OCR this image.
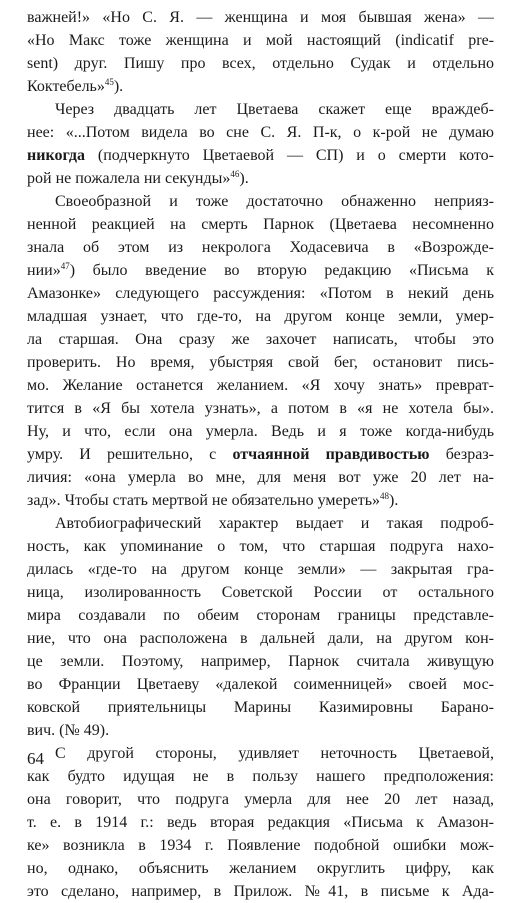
важней!» «Но С. Я. — женщина и моя бывшая жена» —
«Но Макс тоже женщина и мой настоящий (indicatif pre-
sent) друг. Пишу про всех, отдельно Судак и отдельно
Коктебель»$^{45}$).
Через двадцать лет Цветаева скажет еще враждеб-
нее: «...Потом видела во сне С. Я. П-к, о к-рой не думаю
никогда (подчеркнуто Цветаевой — СП) и о смерти кото-
рой не пожалела ни секунды»$^{46}$).
Своеобразной и тоже достаточно обнаженно неприяз-
ненной реакцией на смерть Парнок (Цветаева несомненно
знала об этом из некролога Ходасевича в «Возрожде-
нии»$^{47}$) было введение во вторую редакцию «Письма к
Амазонке» следующего рассуждения: «Потом в некий день
младшая узнает, что где-то, на другом конце земли, умер-
ла старшая. Она сразу же захочет написать, чтобы это
проверить. Но время, убыстряя свой бег, остановит пись-
мо. Желание останется желанием. «Я хочу знать» преврат-
тится в «Я бы хотела узнать», а потом в «я не хотела бы».
Ну, и что, если она умерла. Ведь и я тоже когда-нибудь
умру. И решительно, с отчаянной правдивостью безраз-
личия: «она умерла во мне, для меня вот уже 20 лет на-
зад». Чтобы стать мертвой не обязательно умереть»$^{48}$).
Автобиографический характер выдает и такая подроб-
ность, как упоминание о том, что старшая подруга нахо-
дилась «где-то на другом конце земли» — закрытая гра-
ница, изолированность Советской России от остального
мира создавали по обеим сторонам границы представле-
ние, что она расположена в дальней дали, на другом кон-
це земли. Поэтому, например, Парнок считала живущую
во Франции Цветаеву «далекой соименницей» своей мос-
ковской приятельницы Марины Казимировны Барано-
вич. (№ 49).
С другой стороны, удивляет неточность Цветаевой,
как будто идущая не в пользу нашего предположения:
она говорит, что подруга умерла для нее 20 лет назад,
т. е. в 1914 г.: ведь вторая редакция «Письма к Амазон-
ке» возникла в 1934 г. Появление подобной ошибки мож-
но, однако, объяснить желанием округлить цифру, как
это сделано, например, в Прилож. №41, в письме к Ада-
64
